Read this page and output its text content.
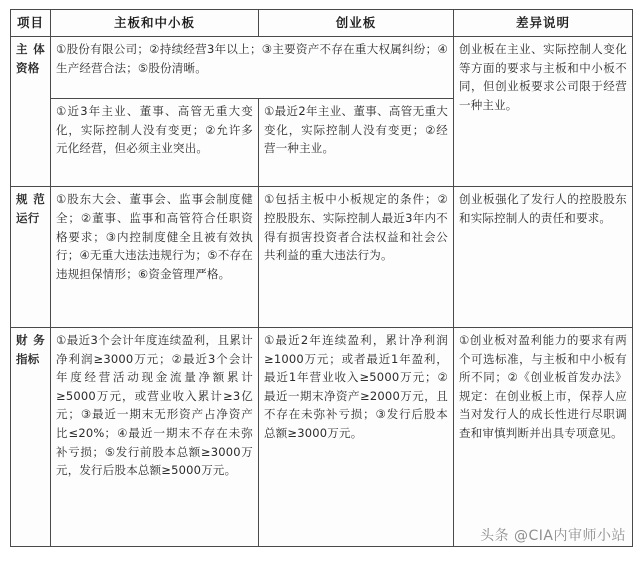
项目	主板和中小板	创业板	差异说明
主体资格	①股份有限公司；②持续经营3年以上；③主要资产不存在重大权属纠纷；④生产经营合法；⑤股份清晰。		创业板在主业、实际控制人变化等方面的要求与主板和中小板不同，但创业板要求公司限于经营一种主业。
	①近3年主业、董事、高管无重大变化，实际控制人没有变更；②允许多元化经营，但必须主业突出。	①最近2年主业、董事、高管无重大变化，实际控制人没有变更；②经营一种主业。	
规范运行	①股东大会、董事会、监事会制度健全；②董事、监事和高管符合任职资格要求；③内控制度健全且被有效执行；④无重大违法违规行为；⑤不存在违规担保情形；⑥资金管理严格。	①包括主板中小板规定的条件；②控股股东、实际控制人最近3年内不得有损害投资者合法权益和社会公共利益的重大违法行为。	创业板强化了发行人的控股股东和实际控制人的责任和要求。
财务指标	①最近3个会计年度连续盈利，且累计净利润≥3000万元；②最近3个会计年度经营活动现金流量净额累计≥5000万元，或营业收入累计≥3亿元；③最近一期末无形资产占净资产比≤20%；④最近一期末不存在未弥补亏损；⑤发行前股本总额≥3000万元，发行后股本总额≥5000万元。	①最近2年连续盈利，累计净利润≥1000万元；或者最近1年盈利，最近1年营业收入≥5000万元；②最近一期末净资产≥2000万元，且不存在未弥补亏损；③发行后股本总额≥3000万元。	①创业板对盈利能力的要求有两个可选标准，与主板和中小板有所不同；②《创业板首发办法》规定：在创业板上市，保荐人应当对发行人的成长性进行尽职调查和审慎判断并出具专项意见。
头条 @CIA内审师小站
